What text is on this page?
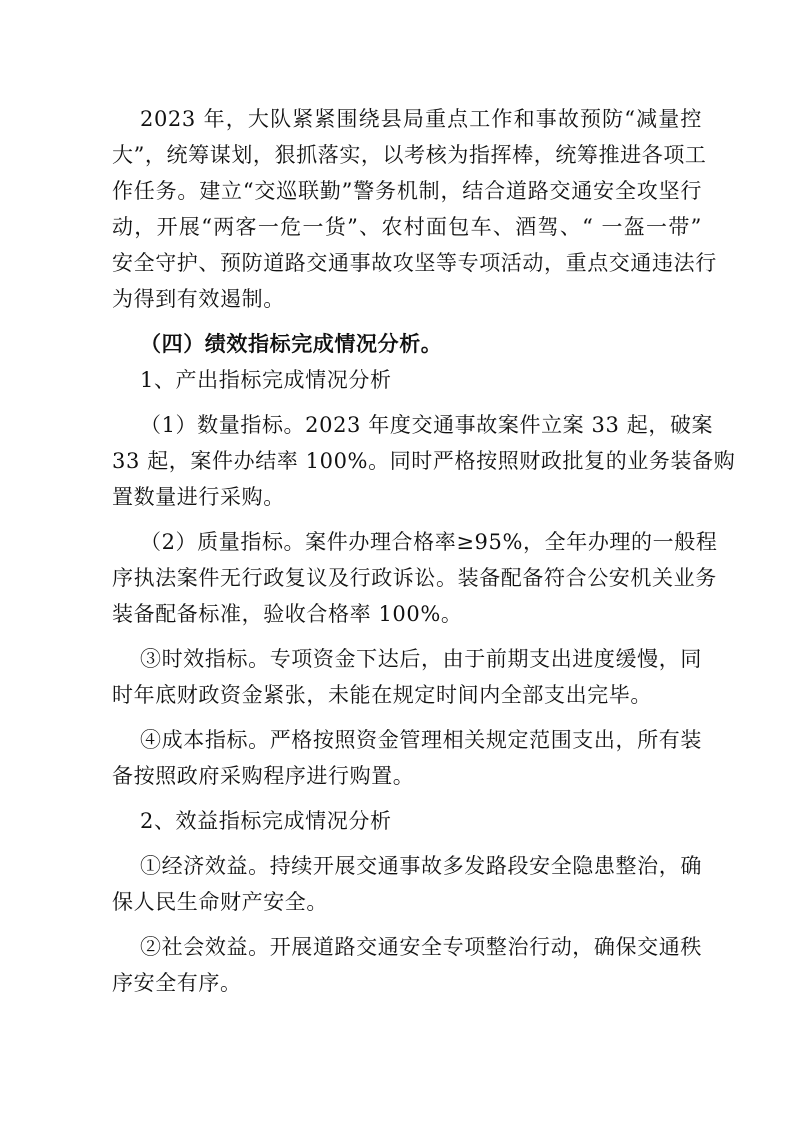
2023 年，大队紧紧围绕县局重点工作和事故预防“减量控
大”，统筹谋划，狠抓落实，以考核为指挥棒，统筹推进各项工
作任务。建立“交巡联勤”警务机制，结合道路交通安全攻坚行
动，开展“两客一危一货”、农村面包车、酒驾、“ 一盔一带”
安全守护、预防道路交通事故攻坚等专项活动，重点交通违法行
为得到有效遏制。
（四）绩效指标完成情况分析。
1、产出指标完成情况分析
（1）数量指标。2023 年度交通事故案件立案 33 起，破案
33 起，案件办结率 100%。同时严格按照财政批复的业务装备购
置数量进行采购。
（2）质量指标。案件办理合格率≥95%，全年办理的一般程
序执法案件无行政复议及行政诉讼。装备配备符合公安机关业务
装备配备标准，验收合格率 100%。
③时效指标。专项资金下达后，由于前期支出进度缓慢，同
时年底财政资金紧张，未能在规定时间内全部支出完毕。
④成本指标。严格按照资金管理相关规定范围支出，所有装
备按照政府采购程序进行购置。
2、效益指标完成情况分析
①经济效益。持续开展交通事故多发路段安全隐患整治，确
保人民生命财产安全。
②社会效益。开展道路交通安全专项整治行动，确保交通秩
序安全有序。
